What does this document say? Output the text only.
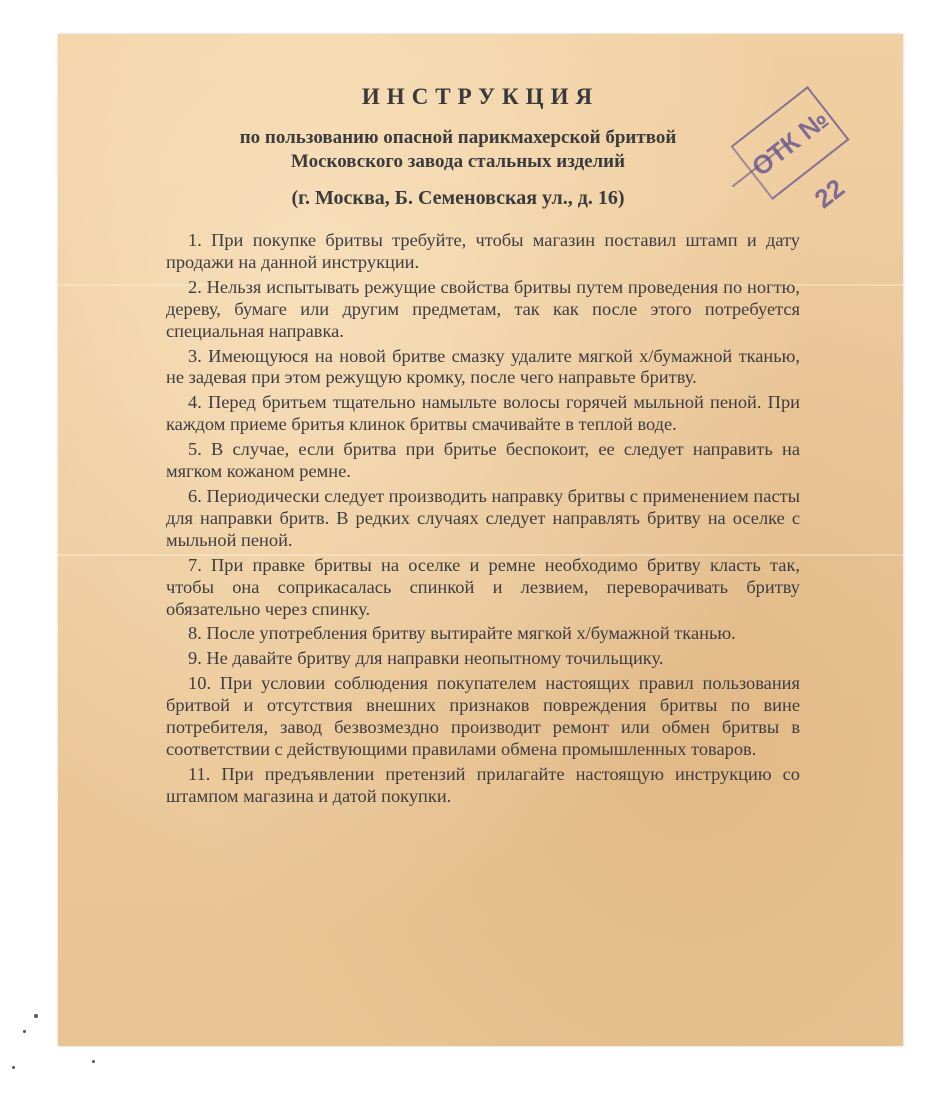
ИНСТРУКЦИЯ
по пользованию опасной парикмахерской бритвой
Московского завода стальных изделий
(г. Москва, Б. Семеновская ул., д. 16)

1. При покупке бритвы требуйте, чтобы магазин поставил штамп и дату продажи на данной инструкции.

2. Нельзя испытывать режущие свойства бритвы путем проведения по ногтю, дереву, бумаге или другим предметам, так как после этого потребуется специальная направка.

3. Имеющуюся на новой бритве смазку удалите мягкой х/бумажной тканью, не задевая при этом режущую кромку, после чего направьте бритву.

4. Перед бритьем тщательно намыльте волосы горячей мыльной пеной. При каждом приеме бритья клинок бритвы смачивайте в теплой воде.

5. В случае, если бритва при бритье беспокоит, ее следует направить на мягком кожаном ремне.

6. Периодически следует производить направку бритвы с применением пасты для направки бритв. В редких случаях следует направлять бритву на оселке с мыльной пеной.

7. При правке бритвы на оселке и ремне необходимо бритву класть так, чтобы она соприкасалась спинкой и лезвием, переворачивать бритву обязательно через спинку.

8. После употребления бритву вытирайте мягкой х/бумажной тканью.

9. Не давайте бритву для направки неопытному точильщику.

10. При условии соблюдения покупателем настоящих правил пользования бритвой и отсутствия внешних признаков повреждения бритвы по вине потребителя, завод безвозмездно производит ремонт или обмен бритвы в соответствии с действующими правилами обмена промышленных товаров.

11. При предъявлении претензий прилагайте настоящую инструкцию со штампом магазина и датой покупки.

ОТК № 22
